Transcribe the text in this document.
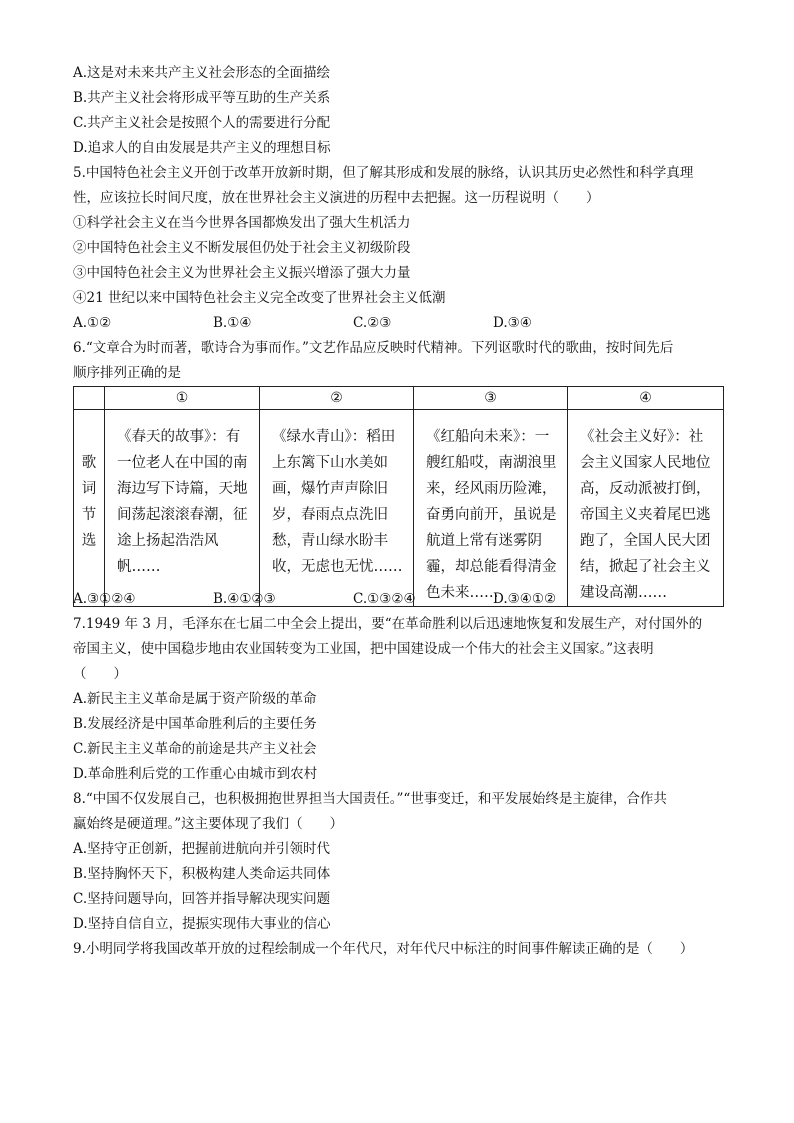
A.这是对未来共产主义社会形态的全面描绘
B.共产主义社会将形成平等互助的生产关系
C.共产主义社会是按照个人的需要进行分配
D.追求人的自由发展是共产主义的理想目标
5.中国特色社会主义开创于改革开放新时期，但了解其形成和发展的脉络，认识其历史必然性和科学真理
性，应该拉长时间尺度，放在世界社会主义演进的历程中去把握。这一历程说明（　　）
①科学社会主义在当今世界各国都焕发出了强大生机活力
②中国特色社会主义不断发展但仍处于社会主义初级阶段
③中国特色社会主义为世界社会主义振兴增添了强大力量
④21 世纪以来中国特色社会主义完全改变了世界社会主义低潮
A.①②	B.①④	C.②③	D.③④
6.“文章合为时而著，歌诗合为事而作。”文艺作品应反映时代精神。下列讴歌时代的歌曲，按时间先后
顺序排列正确的是
	①	②	③	④

歌词节选	《春天的故事》：有一位老人在中国的南海边写下诗篇，天地间荡起滚滚春潮，征途上扬起浩浩风帆……	《绿水青山》：稻田上东篱下山水美如画，爆竹声声除旧岁，春雨点点洗旧愁，青山绿水盼丰收，无虑也无忧……	《红船向未来》：一艘红船哎，南湖浪里来，经风雨历险滩，奋勇向前开，虽说是航道上常有迷雾阴霾，却总能看得清金色未来……	《社会主义好》：社会主义国家人民地位高，反动派被打倒，帝国主义夹着尾巴逃跑了，全国人民大团结，掀起了社会主义建设高潮……
A.③①②④	B.④①②③	C.①③②④	D.③④①②
7.1949 年 3 月，毛泽东在七届二中全会上提出，要“在革命胜利以后迅速地恢复和发展生产，对付国外的
帝国主义，使中国稳步地由农业国转变为工业国，把中国建设成一个伟大的社会主义国家。”这表明
（　　）
A.新民主主义革命是属于资产阶级的革命
B.发展经济是中国革命胜利后的主要任务
C.新民主主义革命的前途是共产主义社会
D.革命胜利后党的工作重心由城市到农村
8.“中国不仅发展自己，也积极拥抱世界担当大国责任。”“世事变迁，和平发展始终是主旋律，合作共
赢始终是硬道理。”这主要体现了我们（　　）
A.坚持守正创新，把握前进航向并引领时代
B.坚持胸怀天下，积极构建人类命运共同体
C.坚持问题导向，回答并指导解决现实问题
D.坚持自信自立，提振实现伟大事业的信心
9.小明同学将我国改革开放的过程绘制成一个年代尺，对年代尺中标注的时间事件解读正确的是（　　）
